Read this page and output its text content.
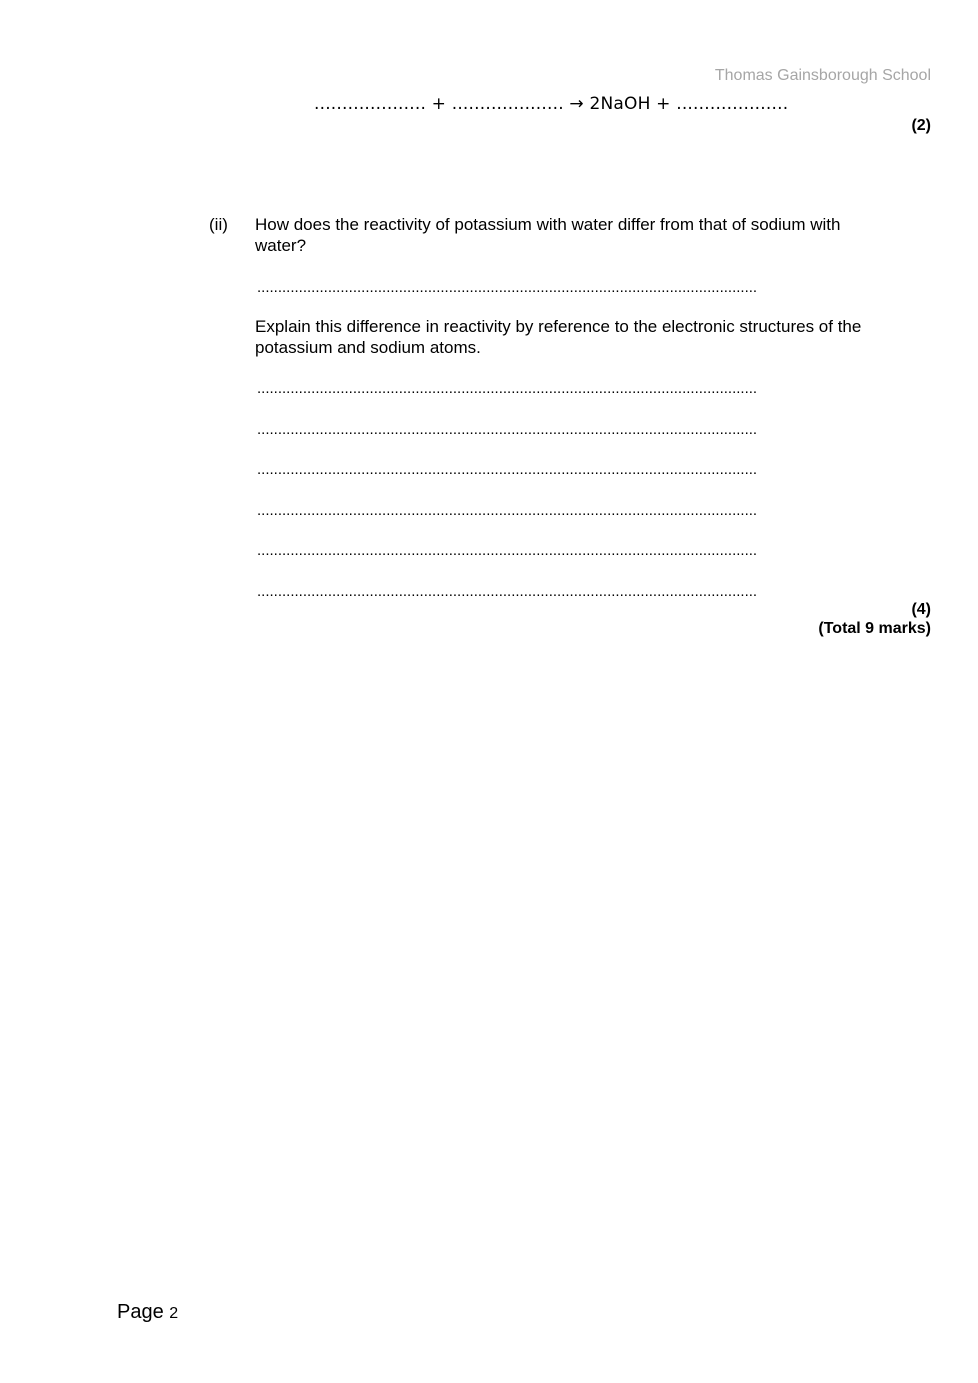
Thomas Gainsborough School
.................... + .................... → 2NaOH + ....................
(2)
(ii) How does the reactivity of potassium with water differ from that of sodium with water?
........................................................................................................................
Explain this difference in reactivity by reference to the electronic structures of the potassium and sodium atoms.
........................................................................................................................
........................................................................................................................
........................................................................................................................
........................................................................................................................
........................................................................................................................
........................................................................................................................
(4)
(Total 9 marks)
Page 2
